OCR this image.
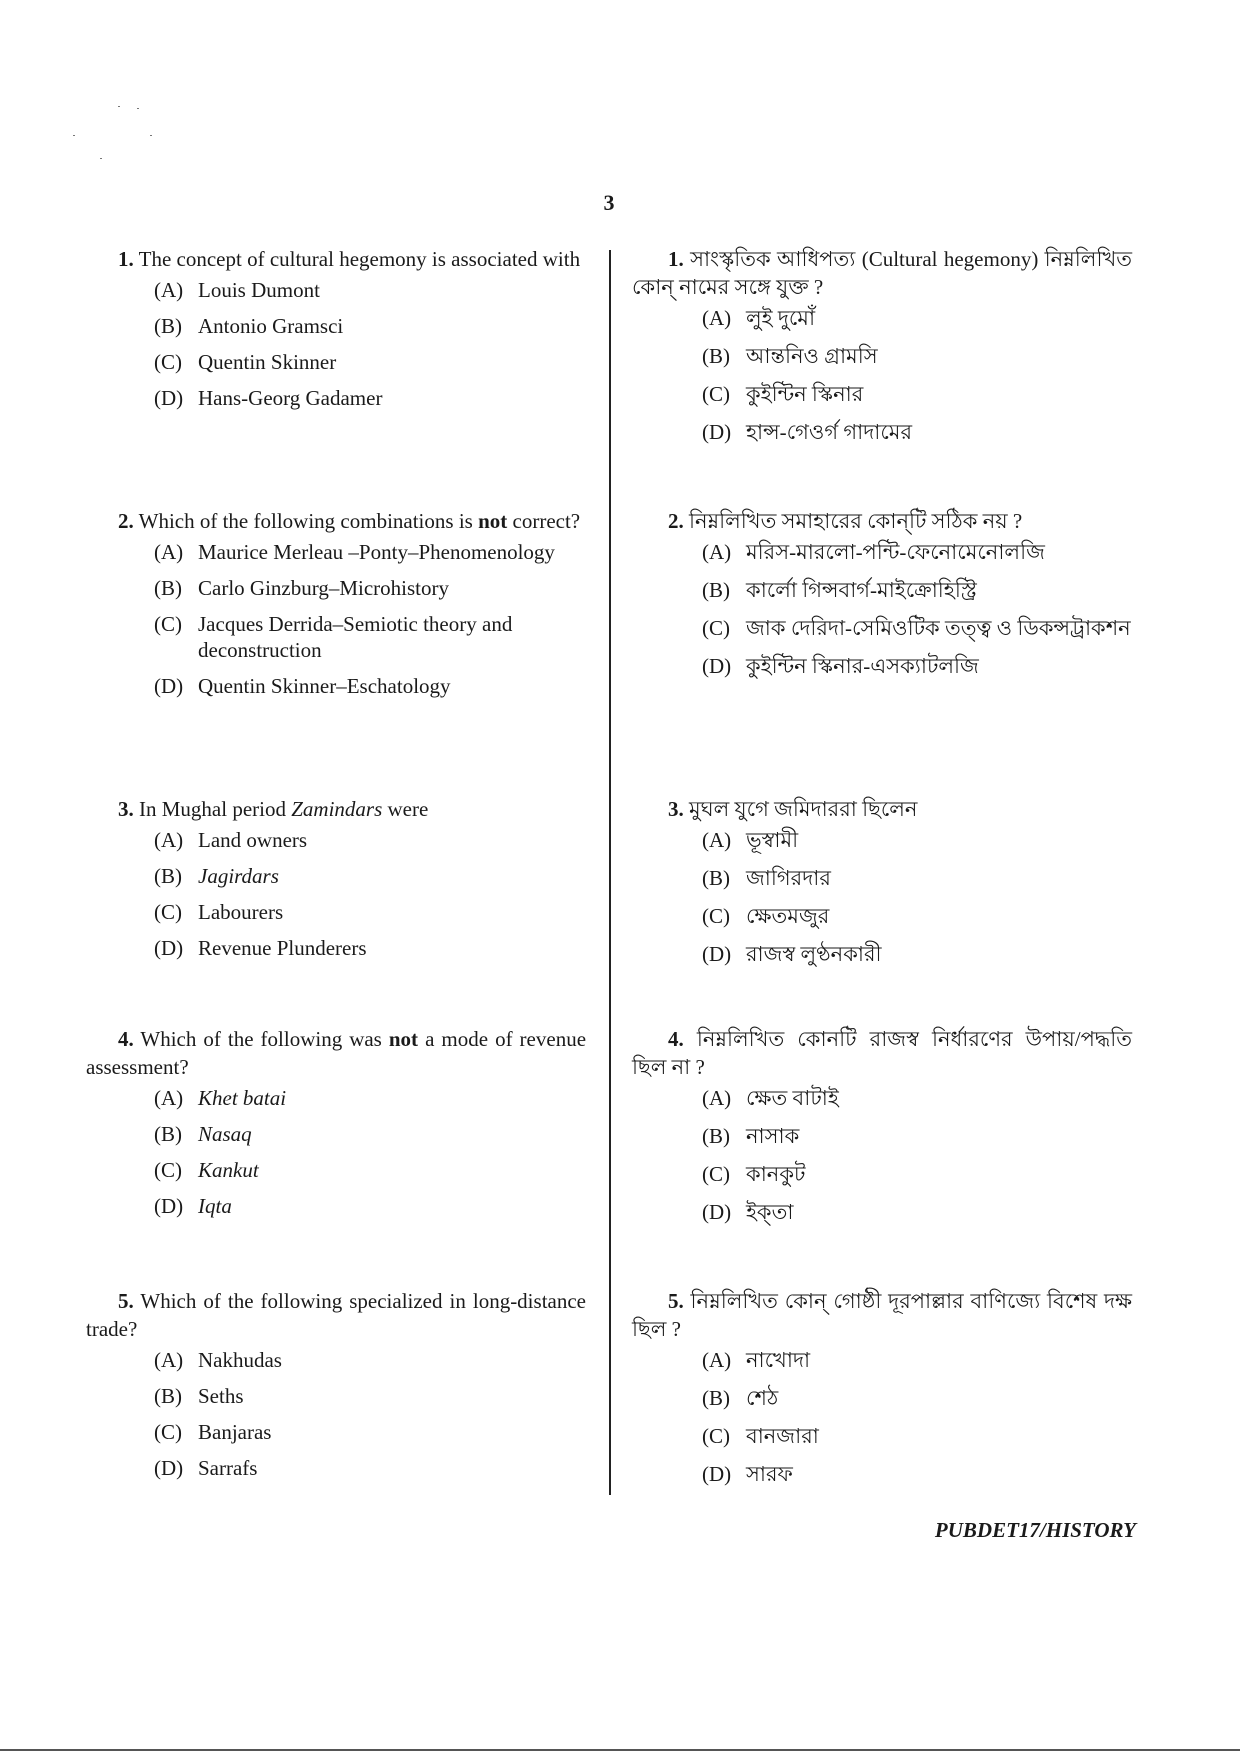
3

1. The concept of cultural hegemony is associated with

(A) Louis Dumont
(B) Antonio Gramsci
(C) Quentin Skinner
(D) Hans-Georg Gadamer

2. Which of the following combinations is not correct?

(A) Maurice Merleau –Ponty–Phenomenology
(B) Carlo Ginzburg–Microhistory
(C) Jacques Derrida–Semiotic theory and deconstruction
(D) Quentin Skinner–Eschatology

3. In Mughal period Zamindars were

(A) Land owners
(B) Jagirdars
(C) Labourers
(D) Revenue Plunderers

4. Which of the following was not a mode of revenue assessment?

(A) Khet batai
(B) Nasaq
(C) Kankut
(D) Iqta

5. Which of the following specialized in long-distance trade?

(A) Nakhudas
(B) Seths
(C) Banjaras
(D) Sarrafs

1. সাংস্কৃতিক আধিপত্য (Cultural hegemony) নিম্নলিখিত কোন্ নামের সঙ্গে যুক্ত ?

(A) লুই দুমোঁ
(B) আন্তনিও গ্রামসি
(C) কুইন্টিন স্কিনার
(D) হান্স-গেওর্গ গাদামের

2. নিম্নলিখিত সমাহারের কোন্‌টি সঠিক নয় ?

(A) মরিস-মারলো-পন্টি-ফেনোমেনোলজি
(B) কার্লো গিন্সবার্গ-মাইক্রোহিস্ট্রি
(C) জাক দেরিদা-সেমিওটিক তত্ত্ব ও ডিকন্সট্রাকশন
(D) কুইন্টিন স্কিনার-এসক্যাটলজি

3. মুঘল যুগে জমিদাররা ছিলেন

(A) ভূস্বামী
(B) জাগিরদার
(C) ক্ষেতমজুর
(D) রাজস্ব লুণ্ঠনকারী

4. নিম্নলিখিত কোনটি রাজস্ব নির্ধারণের উপায়/পদ্ধতি ছিল না ?

(A) ক্ষেত বাটাই
(B) নাসাক
(C) কানকুট
(D) ইক্‌তা

5. নিম্নলিখিত কোন্ গোষ্ঠী দূরপাল্লার বাণিজ্যে বিশেষ দক্ষ ছিল ?

(A) নাখোদা
(B) শেঠ
(C) বানজারা
(D) সারফ
PUBDET17/HISTORY
